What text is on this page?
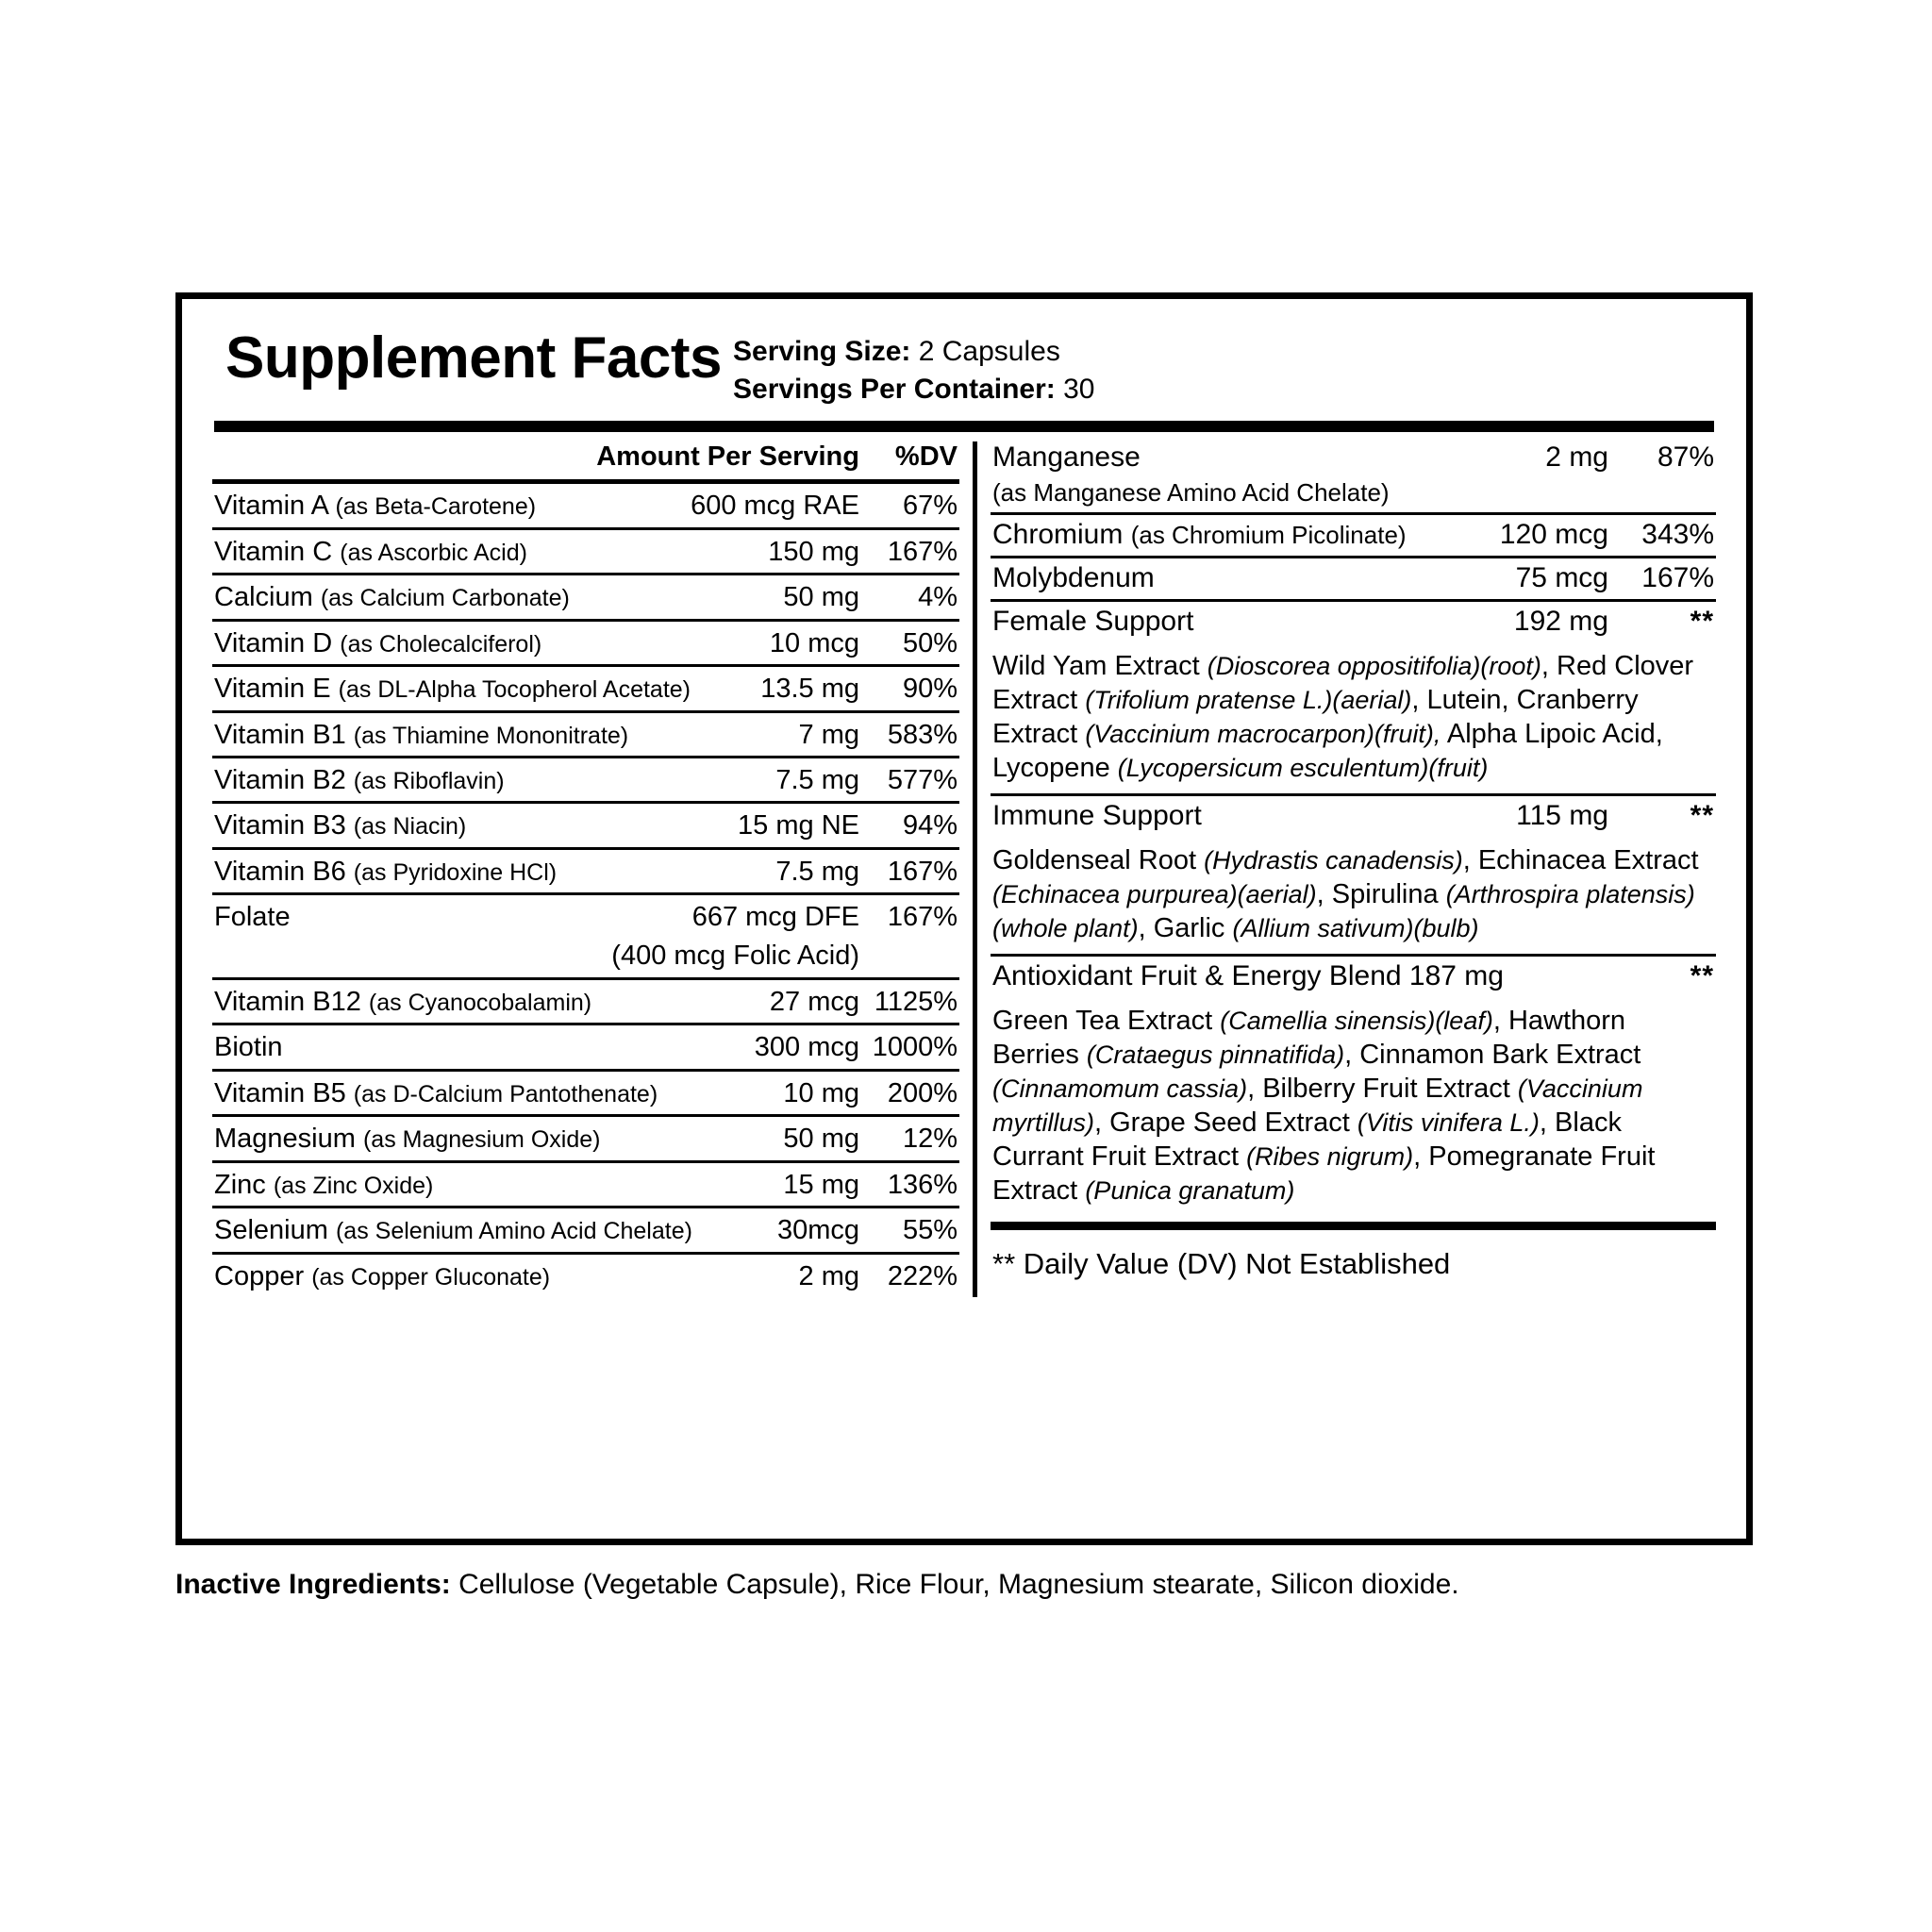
Supplement Facts Serving Size: 2 Capsules
Servings Per Container: 30
Amount Per Serving	%DV
Vitamin A (as Beta-Carotene)	600 mcg RAE	67%
Vitamin C (as Ascorbic Acid)	150 mg	167%
Calcium (as Calcium Carbonate)	50 mg	4%
Vitamin D (as Cholecalciferol)	10 mcg	50%
Vitamin E (as DL-Alpha Tocopherol Acetate)	13.5 mg	90%
Vitamin B1 (as Thiamine Mononitrate)	7 mg	583%
Vitamin B2 (as Riboflavin)	7.5 mg	577%
Vitamin B3 (as Niacin)	15 mg NE	94%
Vitamin B6 (as Pyridoxine HCl)	7.5 mg	167%
Folate	667 mcg DFE	167%
(400 mcg Folic Acid)
Vitamin B12 (as Cyanocobalamin)	27 mcg 1125%
Biotin	300 mcg 1000%
Vitamin B5 (as D-Calcium Pantothenate)	10 mg	200%
Magnesium (as Magnesium Oxide)	50 mg	12%
Zinc (as Zinc Oxide)	15 mg	136%
Selenium (as Selenium Amino Acid Chelate)	30mcg	55%
Copper (as Copper Gluconate)	2 mg	222%
Manganese	2 mg	87%
(as Manganese Amino Acid Chelate)
Chromium (as Chromium Picolinate)	120 mcg	343%
Molybdenum	75 mcg	167%
Female Support	192 mg	**
Wild Yam Extract (Dioscorea oppositifolia)(root), Red Clover Extract (Trifolium pratense L.)(aerial), Lutein, Cranberry Extract (Vaccinium macrocarpon)(fruit), Alpha Lipoic Acid, Lycopene (Lycopersicum esculentum)(fruit)
Immune Support	115 mg	**
Goldenseal Root (Hydrastis canadensis), Echinacea Extract (Echinacea purpurea)(aerial), Spirulina (Arthrospira platensis)(whole plant), Garlic (Allium sativum)(bulb)
Antioxidant Fruit & Energy Blend 187 mg	**
Green Tea Extract (Camellia sinensis)(leaf), Hawthorn Berries (Crataegus pinnatifida), Cinnamon Bark Extract (Cinnamomum cassia), Bilberry Fruit Extract (Vaccinium myrtillus), Grape Seed Extract (Vitis vinifera L.), Black Currant Fruit Extract (Ribes nigrum), Pomegranate Fruit Extract (Punica granatum)
** Daily Value (DV) Not Established
Inactive Ingredients: Cellulose (Vegetable Capsule), Rice Flour, Magnesium stearate, Silicon dioxide.
